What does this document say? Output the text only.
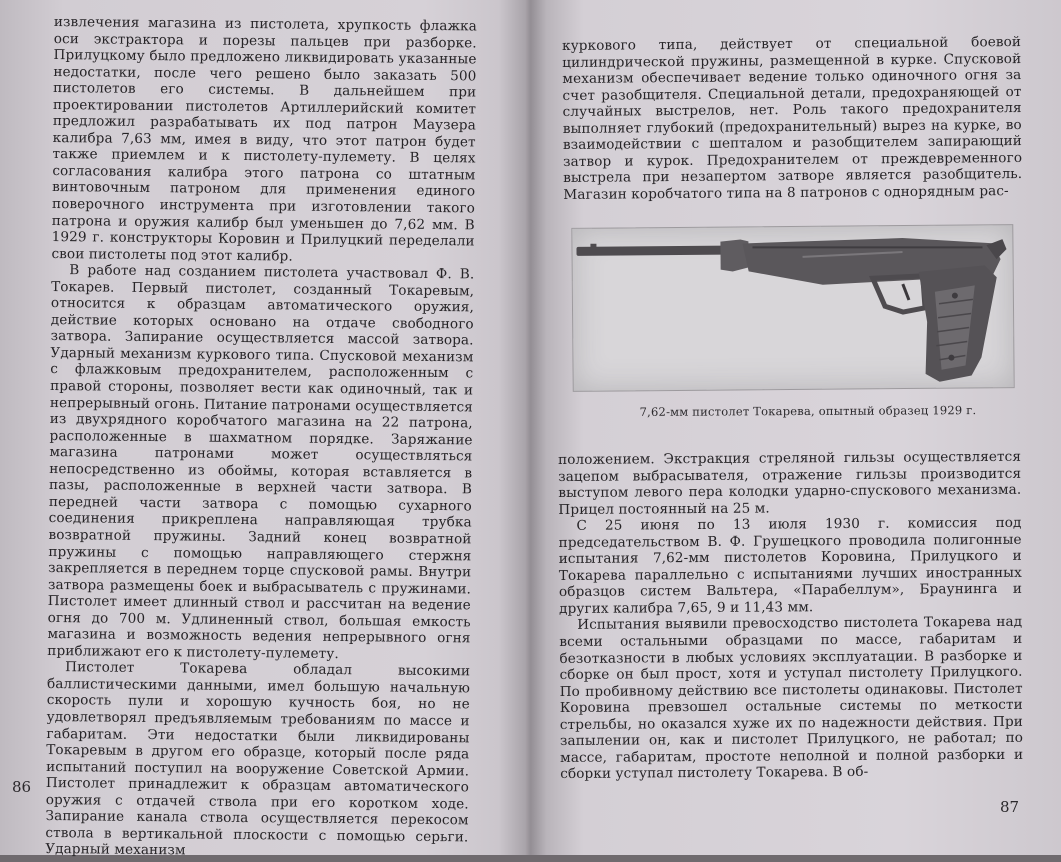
извлечения магазина из пистолета, хрупкость флажка оси экстрактора и порезы пальцев при разборке. Прилуцкому было предложено ликвидировать указанные недостатки, после чего решено было заказать 500 пистолетов его системы. В дальнейшем при проектировании пистолетов Артиллерийский комитет предложил разрабатывать их под патрон Маузера калибра 7,63 мм, имея в виду, что этот патрон будет также приемлем и к пистолету-пулемету. В целях согласования калибра этого патрона со штатным винтовочным патроном для применения единого поверочного инструмента при изготовлении такого патрона и оружия калибр был уменьшен до 7,62 мм. В 1929 г. конструкторы Коровин и Прилуцкий переделали свои пистолеты под этот калибр.

В работе над созданием пистолета участвовал Ф. В. Токарев. Первый пистолет, созданный Токаревым, относится к образцам автоматического оружия, действие которых основано на отдаче свободного затвора. Запирание осуществляется массой затвора. Ударный механизм куркового типа. Спусковой механизм с флажковым предохранителем, расположенным с правой стороны, позволяет вести как одиночный, так и непрерывный огонь. Питание патронами осуществляется из двухрядного коробчатого магазина на 22 патрона, расположенные в шахматном порядке. Заряжание магазина патронами может осуществляться непосредственно из обоймы, которая вставляется в пазы, расположенные в верхней части затвора. В передней части затвора с помощью сухарного соединения прикреплена направляющая трубка возвратной пружины. Задний конец возвратной пружины с помощью направляющего стержня закрепляется в переднем торце спусковой рамы. Внутри затвора размещены боек и выбрасыватель с пружинами. Пистолет имеет длинный ствол и рассчитан на ведение огня до 700 м. Удлиненный ствол, большая емкость магазина и возможность ведения непрерывного огня приближают его к пистолету-пулемету.

Пистолет Токарева обладал высокими баллистическими данными, имел большую начальную скорость пули и хорошую кучность боя, но не удовлетворял предъявляемым требованиям по массе и габаритам. Эти недостатки были ликвидированы Токаревым в другом его образце, который после ряда испытаний поступил на вооружение Советской Армии. Пистолет принадлежит к образцам автоматического оружия с отдачей ствола при его коротком ходе. Запирание канала ствола осуществляется перекосом ствола в вертикальной плоскости с помощью серьги. Ударный механизм

86

куркового типа, действует от специальной боевой цилиндрической пружины, размещенной в курке. Спусковой механизм обеспечивает ведение только одиночного огня за счет разобщителя. Специальной детали, предохраняющей от случайных выстрелов, нет. Роль такого предохранителя выполняет глубокий (предохранительный) вырез на курке, во взаимодействии с шепталом и разобщителем запирающий затвор и курок. Предохранителем от преждевременного выстрела при незапертом затворе является разобщитель. Магазин коробчатого типа на 8 патронов с однорядным рас-

7,62-мм пистолет Токарева, опытный образец 1929 г.

положением. Экстракция стреляной гильзы осуществляется зацепом выбрасывателя, отражение гильзы производится выступом левого пера колодки ударно-спускового механизма. Прицел постоянный на 25 м.

С 25 июня по 13 июля 1930 г. комиссия под председательством В. Ф. Грушецкого проводила полигонные испытания 7,62-мм пистолетов Коровина, Прилуцкого и Токарева параллельно с испытаниями лучших иностранных образцов систем Вальтера, «Парабеллум», Браунинга и других калибра 7,65, 9 и 11,43 мм.

Испытания выявили превосходство пистолета Токарева над всеми остальными образцами по массе, габаритам и безотказности в любых условиях эксплуатации. В разборке и сборке он был прост, хотя и уступал пистолету Прилуцкого. По пробивному действию все пистолеты одинаковы. Пистолет Коровина превзошел остальные системы по меткости стрельбы, но оказался хуже их по надежности действия. При запылении он, как и пистолет Прилуцкого, не работал; по массе, габаритам, простоте неполной и полной разборки и сборки уступал пистолету Токарева. В об-

87
